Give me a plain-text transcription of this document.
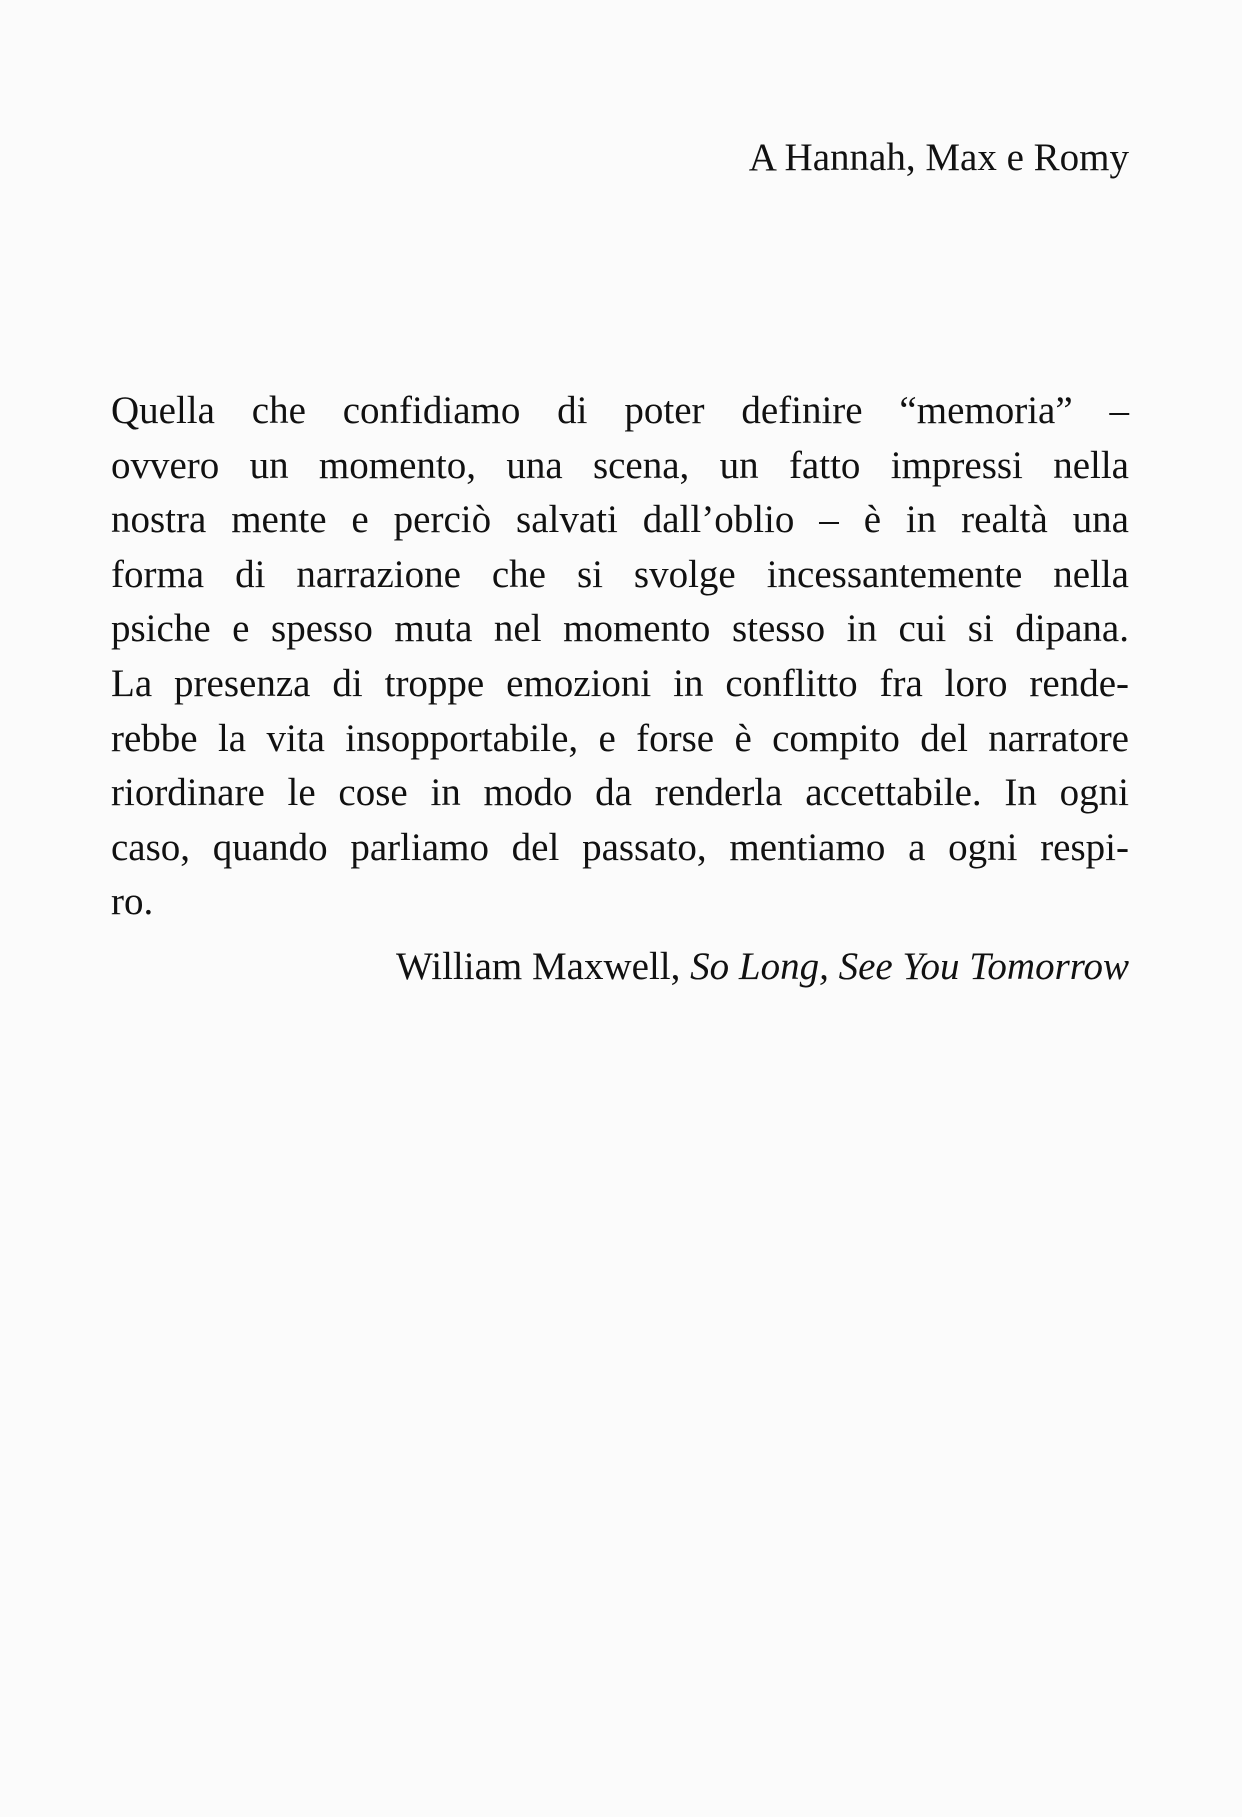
A Hannah, Max e Romy
Quella che confidiamo di poter definire “memoria” –
ovvero un momento, una scena, un fatto impressi nella
nostra mente e perciò salvati dall’oblio – è in realtà una
forma di narrazione che si svolge incessantemente nella
psiche e spesso muta nel momento stesso in cui si dipana.
La presenza di troppe emozioni in conflitto fra loro rende-
rebbe la vita insopportabile, e forse è compito del narratore
riordinare le cose in modo da renderla accettabile. In ogni
caso, quando parliamo del passato, mentiamo a ogni respi-
ro.
William Maxwell, So Long, See You Tomorrow
